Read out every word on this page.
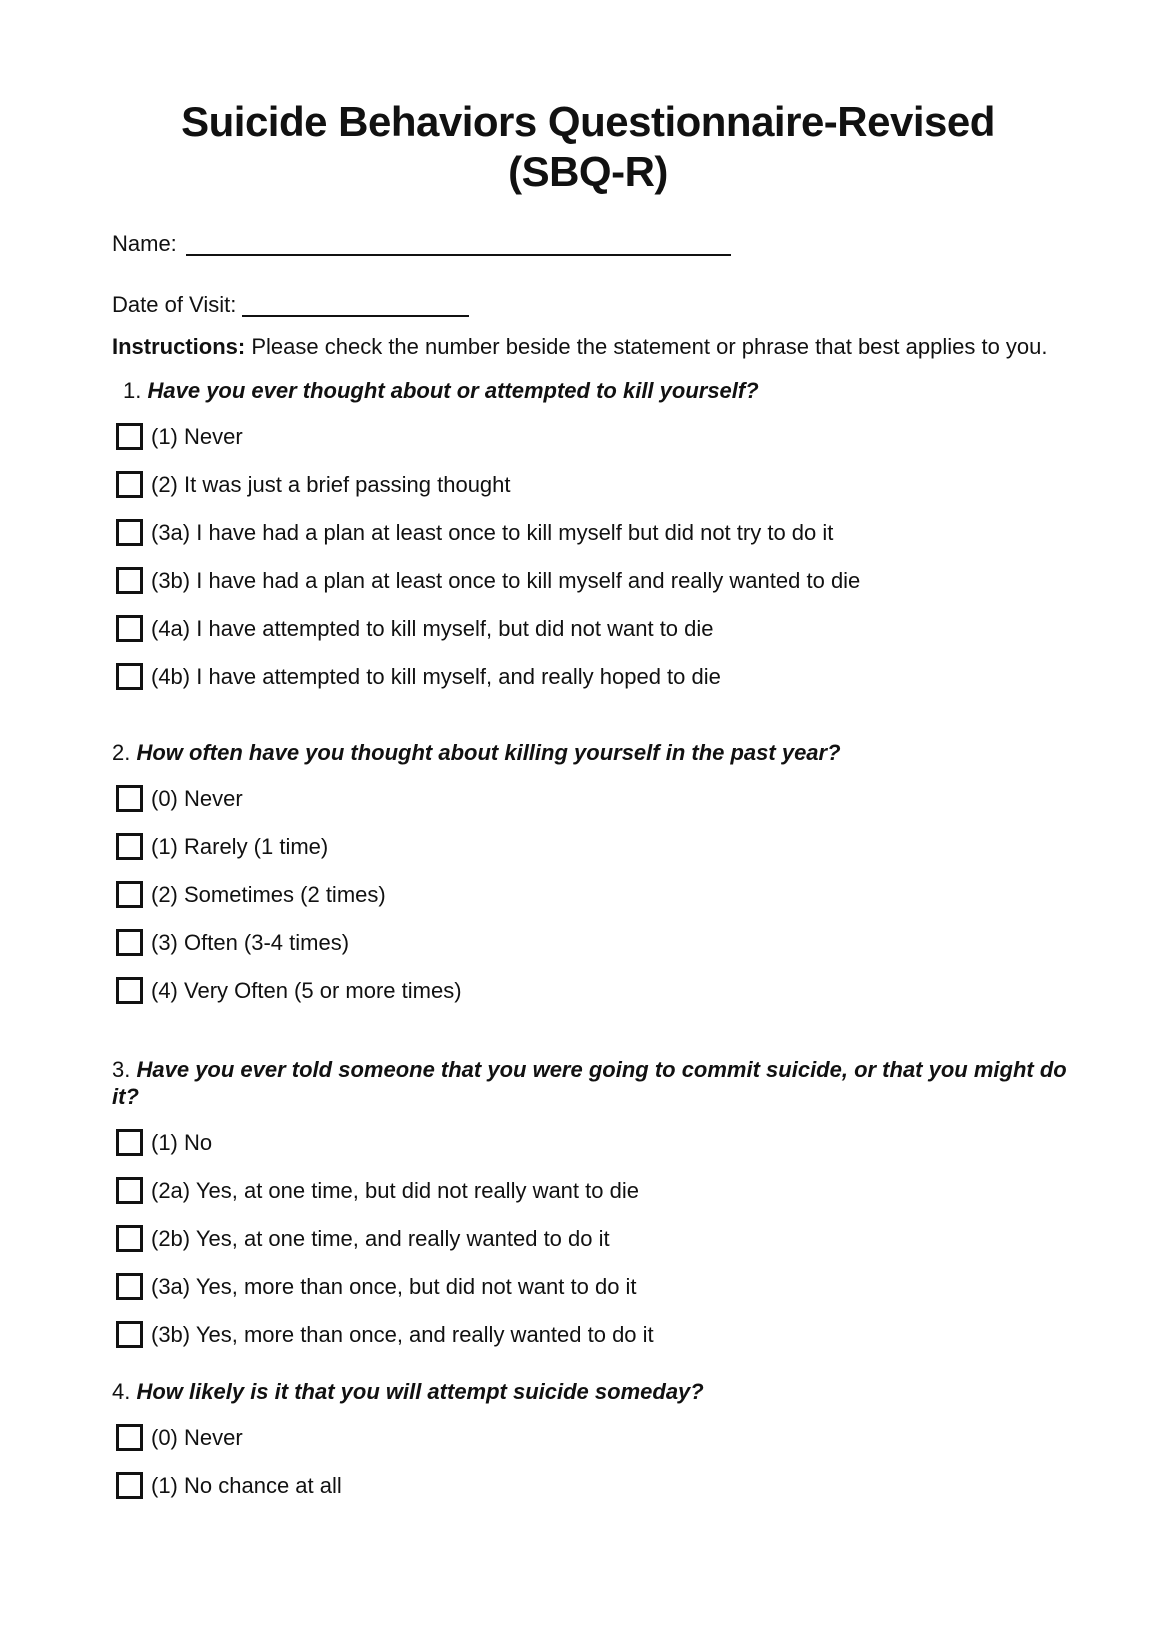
Suicide Behaviors Questionnaire-Revised
(SBQ-R)
Name:
Date of Visit:

Instructions: Please check the number beside the statement or phrase that best applies to you.

1. Have you ever thought about or attempted to kill yourself?
(1) Never
(2) It was just a brief passing thought
(3a) I have had a plan at least once to kill myself but did not try to do it
(3b) I have had a plan at least once to kill myself and really wanted to die
(4a) I have attempted to kill myself, but did not want to die
(4b) I have attempted to kill myself, and really hoped to die
2. How often have you thought about killing yourself in the past year?
(0) Never
(1) Rarely (1 time)
(2) Sometimes (2 times)
(3) Often (3-4 times)
(4) Very Often (5 or more times)
3. Have you ever told someone that you were going to commit suicide, or that you might do it?
(1) No
(2a) Yes, at one time, but did not really want to die
(2b) Yes, at one time, and really wanted to do it
(3a) Yes, more than once, but did not want to do it
(3b) Yes, more than once, and really wanted to do it
4. How likely is it that you will attempt suicide someday?
(0) Never
(1) No chance at all
